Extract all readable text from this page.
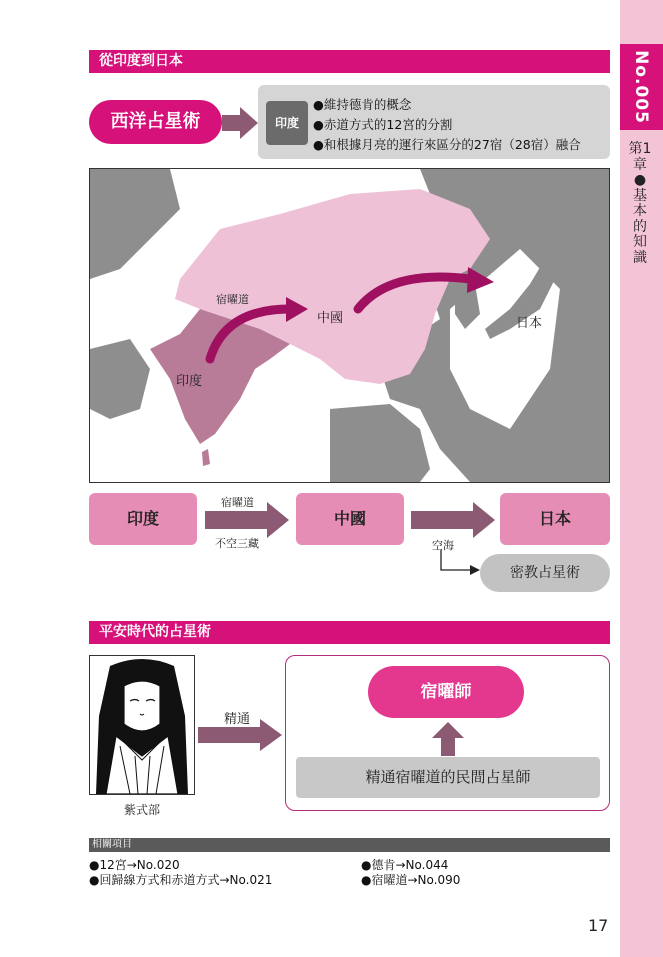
No.005
第1章●基本的知識
從印度到日本
西洋占星術	印度
●維持德肯的概念
●赤道方式的12宮的分割
●和根據月亮的運行來區分的27宿（28宿）融合
宿曜道
中國	日本
印度
印度	中國	日本
宿曜道
不空三藏	空海
密教占星術
平安時代的占星術
紫式部
精通
宿曜師
精通宿曜道的民間占星師
相關項目
●12宮→No.020
●回歸線方式和赤道方式→No.021
●德肯→No.044
●宿曜道→No.090
17
